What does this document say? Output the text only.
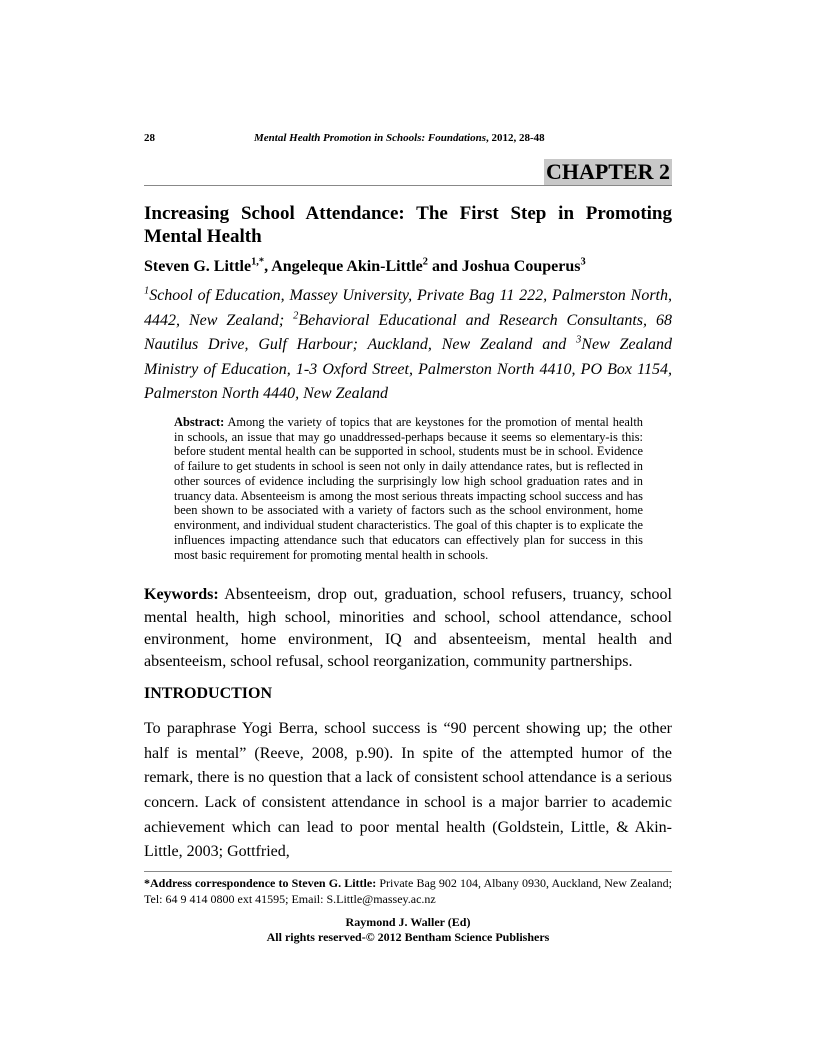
28	Mental Health Promotion in Schools: Foundations, 2012, 28-48
CHAPTER 2
Increasing School Attendance: The First Step in Promoting Mental Health
Steven G. Little$^{1,*}$, Angeleque Akin-Little$^2$ and Joshua Couperus$^3$
$^1$School of Education, Massey University, Private Bag 11 222, Palmerston North, 4442, New Zealand; $^2$Behavioral Educational and Research Consultants, 68 Nautilus Drive, Gulf Harbour; Auckland, New Zealand and $^3$New Zealand Ministry of Education, 1-3 Oxford Street, Palmerston North 4410, PO Box 1154, Palmerston North 4440, New Zealand
Abstract: Among the variety of topics that are keystones for the promotion of mental health in schools, an issue that may go unaddressed-perhaps because it seems so elementary-is this: before student mental health can be supported in school, students must be in school. Evidence of failure to get students in school is seen not only in daily attendance rates, but is reflected in other sources of evidence including the surprisingly low high school graduation rates and in truancy data. Absenteeism is among the most serious threats impacting school success and has been shown to be associated with a variety of factors such as the school environment, home environment, and individual student characteristics. The goal of this chapter is to explicate the influences impacting attendance such that educators can effectively plan for success in this most basic requirement for promoting mental health in schools.
Keywords: Absenteeism, drop out, graduation, school refusers, truancy, school mental health, high school, minorities and school, school attendance, school environment, home environment, IQ and absenteeism, mental health and absenteeism, school refusal, school reorganization, community partnerships.
INTRODUCTION
To paraphrase Yogi Berra, school success is “90 percent showing up; the other half is mental” (Reeve, 2008, p.90). In spite of the attempted humor of the remark, there is no question that a lack of consistent school attendance is a serious concern. Lack of consistent attendance in school is a major barrier to academic achievement which can lead to poor mental health (Goldstein, Little, & Akin-Little, 2003; Gottfried,
*Address correspondence to Steven G. Little: Private Bag 902 104, Albany 0930, Auckland, New Zealand; Tel: 64 9 414 0800 ext 41595; Email: S.Little@massey.ac.nz
Raymond J. Waller (Ed)
All rights reserved-© 2012 Bentham Science Publishers
